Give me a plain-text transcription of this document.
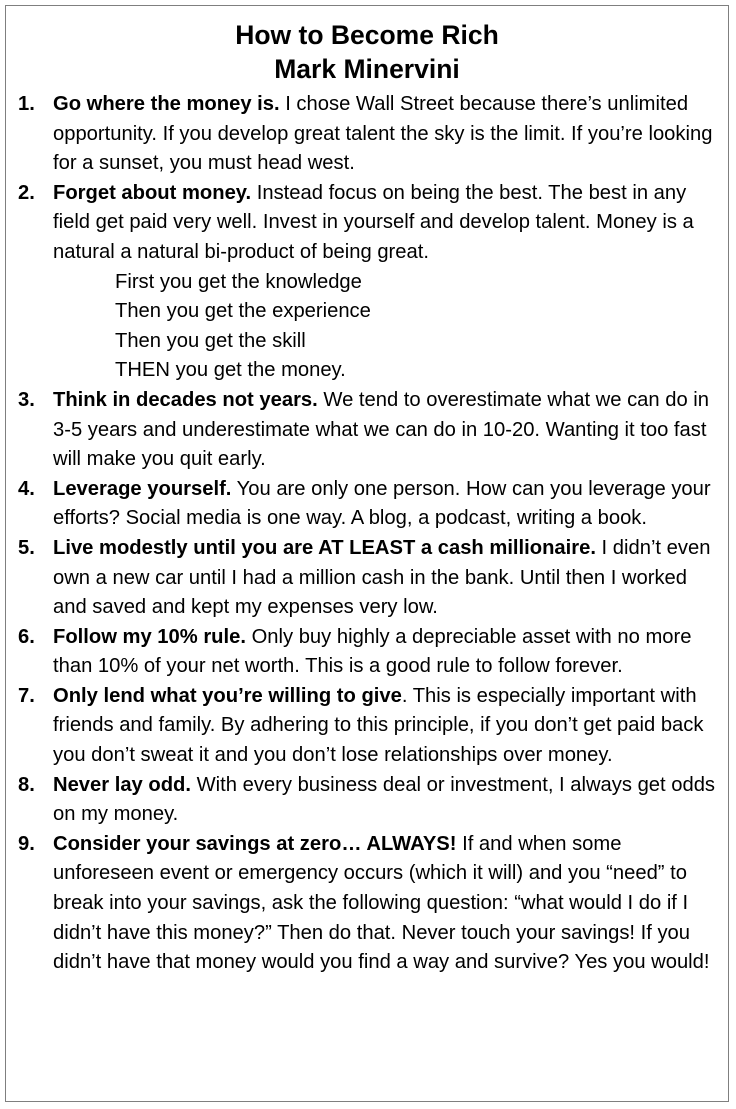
How to Become Rich
Mark Minervini
1. Go where the money is. I chose Wall Street because there’s unlimited opportunity. If you develop great talent the sky is the limit. If you’re looking for a sunset, you must head west.
2. Forget about money. Instead focus on being the best. The best in any field get paid very well. Invest in yourself and develop talent. Money is a natural a natural bi-product of being great.
First you get the knowledge
Then you get the experience
Then you get the skill
THEN you get the money.
3. Think in decades not years. We tend to overestimate what we can do in 3-5 years and underestimate what we can do in 10-20. Wanting it too fast will make you quit early.
4. Leverage yourself. You are only one person. How can you leverage your efforts? Social media is one way. A blog, a podcast, writing a book.
5. Live modestly until you are AT LEAST a cash millionaire. I didn’t even own a new car until I had a million cash in the bank. Until then I worked and saved and kept my expenses very low.
6. Follow my 10% rule. Only buy highly a depreciable asset with no more than 10% of your net worth. This is a good rule to follow forever.
7. Only lend what you’re willing to give. This is especially important with friends and family. By adhering to this principle, if you don’t get paid back you don’t sweat it and you don’t lose relationships over money.
8. Never lay odd. With every business deal or investment, I always get odds on my money.
9. Consider your savings at zero… ALWAYS! If and when some unforeseen event or emergency occurs (which it will) and you “need” to break into your savings, ask the following question: “what would I do if I didn’t have this money?” Then do that. Never touch your savings! If you didn’t have that money would you find a way and survive? Yes you would!
